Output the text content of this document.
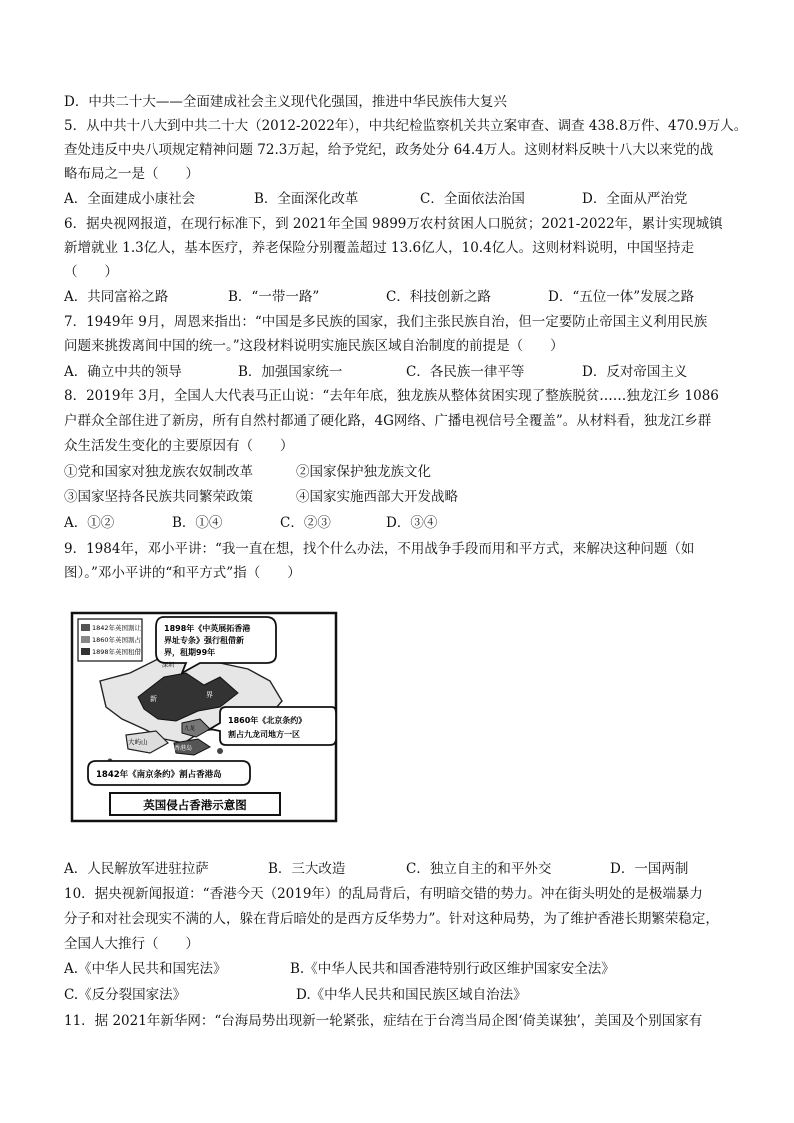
D．中共二十大——全面建成社会主义现代化强国，推进中华民族伟大复兴
5．从中共十八大到中共二十大（2012-2022年），中共纪检监察机关共立案审查、调查 438.8万件、470.9万人。
查处违反中央八项规定精神问题 72.3万起，给予党纪，政务处分 64.4万人。这则材料反映十八大以来党的战
略布局之一是（　　）
A．全面建成小康社会	B．全面深化改革	C．全面依法治国	D．全面从严治党
6．据央视网报道，在现行标准下，到 2021年全国 9899万农村贫困人口脱贫；2021-2022年，累计实现城镇
新增就业 1.3亿人，基本医疗，养老保险分别覆盖超过 13.6亿人，10.4亿人。这则材料说明，中国坚持走
（　　）
A．共同富裕之路	B．“一带一路”	C．科技创新之路	D．“五位一体”发展之路
7．1949年 9月，周恩来指出：“中国是多民族的国家，我们主张民族自治，但一定要防止帝国主义利用民族
问题来挑拨离间中国的统一。”这段材料说明实施民族区域自治制度的前提是（　　）
A．确立中共的领导	B．加强国家统一	C．各民族一律平等	D．反对帝国主义
8．2019年 3月，全国人大代表马正山说：“去年年底，独龙族从整体贫困实现了整族脱贫……独龙江乡 1086
户群众全部住进了新房，所有自然村都通了硬化路，4G网络、广播电视信号全覆盖”。从材料看，独龙江乡群
众生活发生变化的主要原因有（　　）
①党和国家对独龙族农奴制改革	②国家保护独龙族文化
③国家坚持各民族共同繁荣政策	④国家实施西部大开发战略
A．①②	B．①④	C．②③	D．③④
9．1984年，邓小平讲：“我一直在想，找个什么办法，不用战争手段而用和平方式，来解决这种问题（如
图）。”邓小平讲的“和平方式”指（　　）
1842年英国割让
1860年英国割占
1898年英国租借
1898年《中英展拓香港
界址专条》强行租借新
界，租期99年
1860年《北京条约》
割占九龙司地方一区
1842年《南京条约》割占香港岛
新	界
深圳
九龙
大屿山
香港岛
英国侵占香港示意图
A．人民解放军进驻拉萨	B．三大改造	C．独立自主的和平外交	D．一国两制
10．据央视新闻报道：“香港今天（2019年）的乱局背后，有明暗交错的势力。冲在街头明处的是极端暴力
分子和对社会现实不满的人，躲在背后暗处的是西方反华势力”。针对这种局势，为了维护香港长期繁荣稳定，
全国人大推行（　　）
A.《中华人民共和国宪法》	B.《中华人民共和国香港特别行政区维护国家安全法》
C.《反分裂国家法》	D.《中华人民共和国民族区域自治法》
11．据 2021年新华网：“台海局势出现新一轮紧张，症结在于台湾当局企图‘倚美谋独’，美国及个别国家有
